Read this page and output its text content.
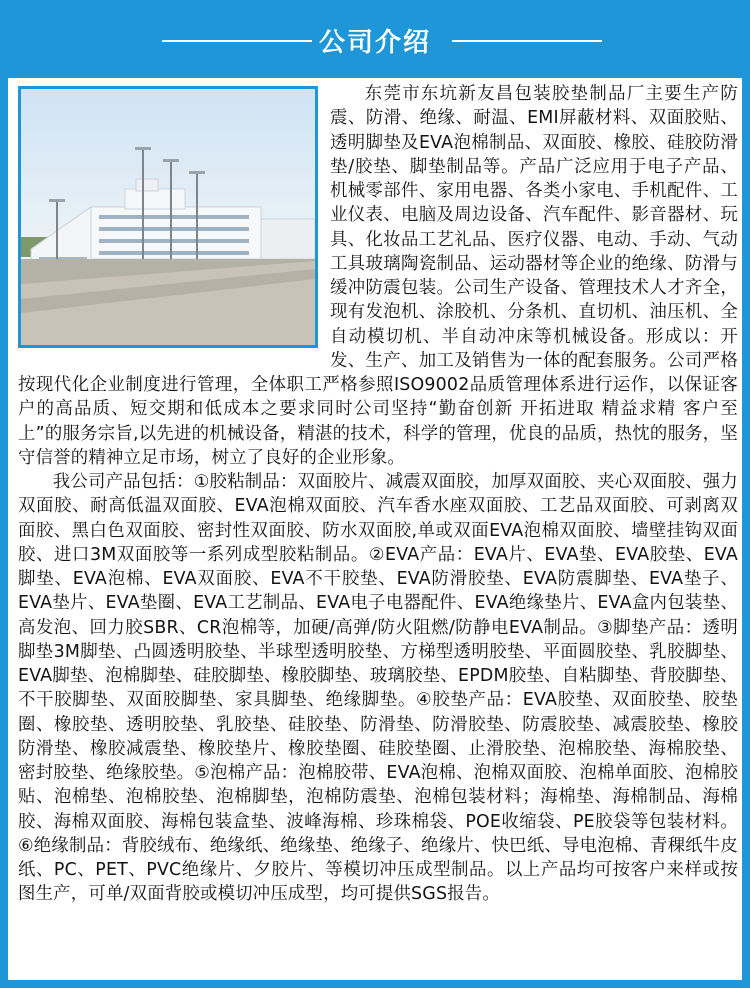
公司介绍

东莞市东坑新友昌包装胶垫制品厂主要生产防震、防滑、绝缘、耐温、EMI屏蔽材料、双面胶贴、透明脚垫及EVA泡棉制品、双面胶、橡胶、硅胶防滑垫/胶垫、脚垫制品等。产品广泛应用于电子产品、机械零部件、家用电器、各类小家电、手机配件、工业仪表、电脑及周边设备、汽车配件、影音器材、玩具、化妆品工艺礼品、医疗仪器、电动、手动、气动工具玻璃陶瓷制品、运动器材等企业的绝缘、防滑与缓冲防震包装。公司生产设备、管理技术人才齐全，现有发泡机、涂胶机、分条机、直切机、油压机、全自动模切机、半自动冲床等机械设备。形成以：开发、生产、加工及销售为一体的配套服务。公司严格按现代化企业制度进行管理，全体职工严格参照ISO9002品质管理体系进行运作，以保证客户的高品质、短交期和低成本之要求同时公司坚持“勤奋创新 开拓进取 精益求精 客户至上”的服务宗旨,以先进的机械设备，精湛的技术，科学的管理，优良的品质，热忱的服务，坚守信誉的精神立足市场，树立了良好的企业形象。

我公司产品包括：①胶粘制品：双面胶片、减震双面胶，加厚双面胶、夹心双面胶、强力双面胶、耐高低温双面胶、EVA泡棉双面胶、汽车香水座双面胶、工艺品双面胶、可剥离双面胶、黑白色双面胶、密封性双面胶、防水双面胶,单或双面EVA泡棉双面胶、墙壁挂钩双面胶、进口3M双面胶等一系列成型胶粘制品。②EVA产品：EVA片、EVA垫、EVA胶垫、EVA脚垫、EVA泡棉、EVA双面胶、EVA不干胶垫、EVA防滑胶垫、EVA防震脚垫、EVA垫子、EVA垫片、EVA垫圈、EVA工艺制品、EVA电子电器配件、EVA绝缘垫片、EVA盒内包装垫、高发泡、回力胶SBR、CR泡棉等，加硬/高弹/防火阻燃/防静电EVA制品。③脚垫产品：透明脚垫3M脚垫、凸圆透明胶垫、半球型透明胶垫、方梯型透明胶垫、平面圆胶垫、乳胶脚垫、EVA脚垫、泡棉脚垫、硅胶脚垫、橡胶脚垫、玻璃胶垫、EPDM胶垫、自粘脚垫、背胶脚垫、不干胶脚垫、双面胶脚垫、家具脚垫、绝缘脚垫。④胶垫产品：EVA胶垫、双面胶垫、胶垫圈、橡胶垫、透明胶垫、乳胶垫、硅胶垫、防滑垫、防滑胶垫、防震胶垫、减震胶垫、橡胶防滑垫、橡胶减震垫、橡胶垫片、橡胶垫圈、硅胶垫圈、止滑胶垫、泡棉胶垫、海棉胶垫、密封胶垫、绝缘胶垫。⑤泡棉产品：泡棉胶带、EVA泡棉、泡棉双面胶、泡棉单面胶、泡棉胶贴、泡棉垫、泡棉胶垫、泡棉脚垫，泡棉防震垫、泡棉包装材料；海棉垫、海棉制品、海棉胶、海棉双面胶、海棉包装盒垫、波峰海棉、珍珠棉袋、POE收缩袋、PE胶袋等包装材料。⑥绝缘制品：背胶绒布、绝缘纸、绝缘垫、绝缘子、绝缘片、快巴纸、导电泡棉、青稞纸牛皮纸、PC、PET、PVC绝缘片、夕胶片、等模切冲压成型制品。以上产品均可按客户来样或按图生产，可单/双面背胶或模切冲压成型，均可提供SGS报告。
